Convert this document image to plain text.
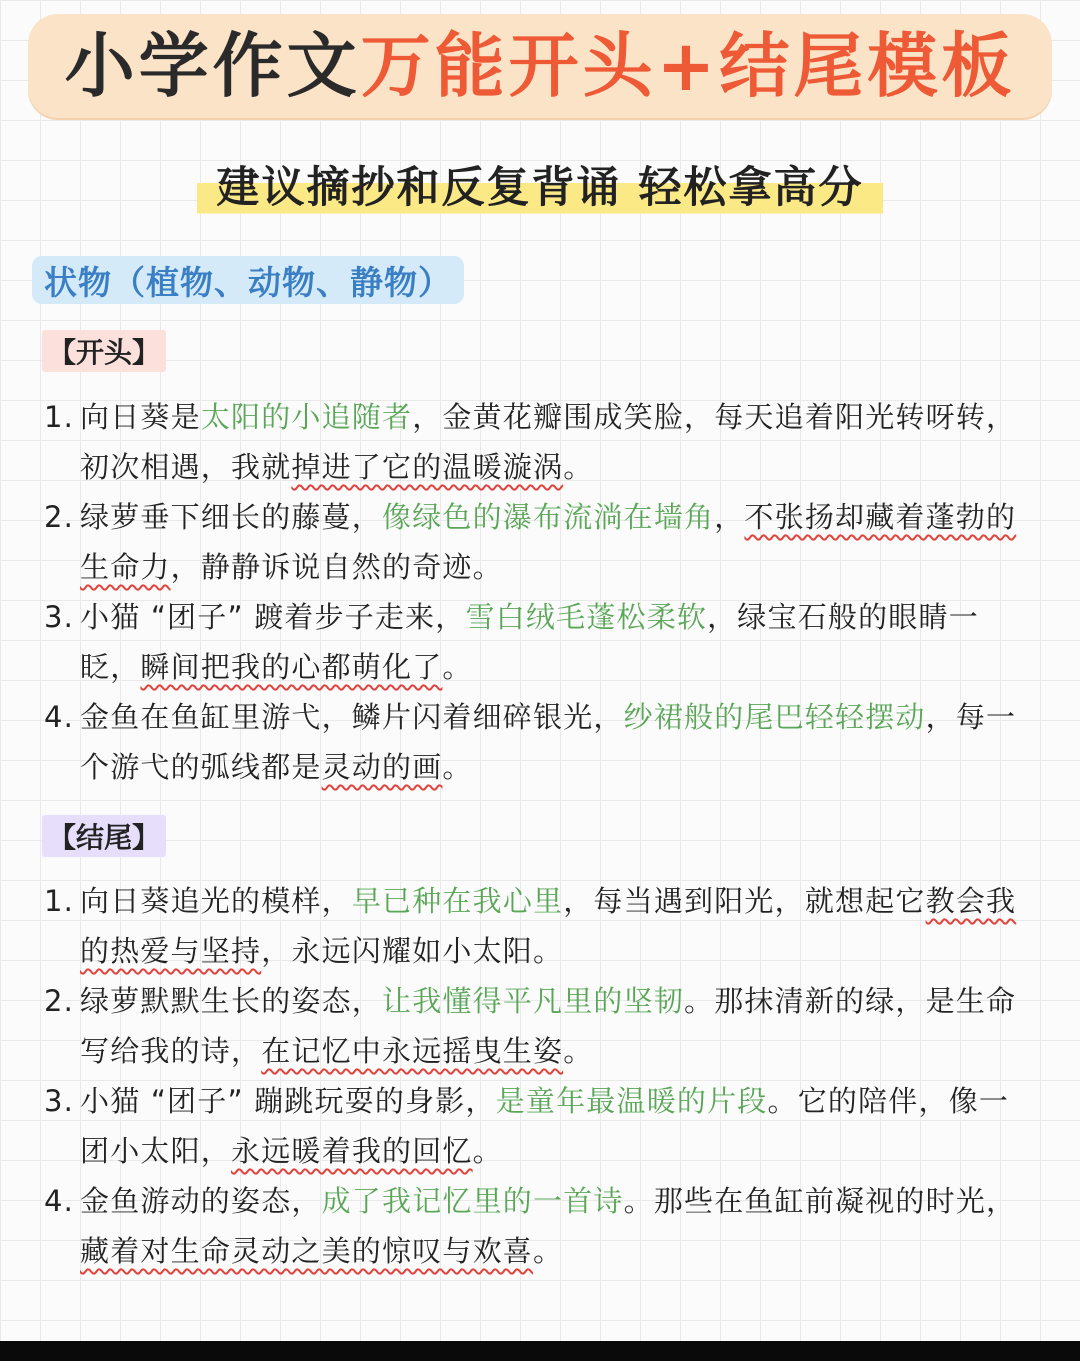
小学作文万能开头+结尾模板
建议摘抄和反复背诵 轻松拿高分
状物（植物、动物、静物）
【开头】
1. 向日葵是太阳的小追随者，金黄花瓣围成笑脸，每天追着阳光转呀转，初次相遇，我就掉进了它的温暖漩涡。
2. 绿萝垂下细长的藤蔓，像绿色的瀑布流淌在墙角，不张扬却藏着蓬勃的生命力，静静诉说自然的奇迹。
3. 小猫 “团子” 踱着步子走来，雪白绒毛蓬松柔软，绿宝石般的眼睛一眨，瞬间把我的心都萌化了。
4. 金鱼在鱼缸里游弋，鳞片闪着细碎银光，纱裙般的尾巴轻轻摆动，每一个游弋的弧线都是灵动的画。
【结尾】
1. 向日葵追光的模样，早已种在我心里，每当遇到阳光，就想起它教会我的热爱与坚持，永远闪耀如小太阳。
2. 绿萝默默生长的姿态，让我懂得平凡里的坚韧。那抹清新的绿，是生命写给我的诗，在记忆中永远摇曳生姿。
3. 小猫 “团子” 蹦跳玩耍的身影，是童年最温暖的片段。它的陪伴，像一团小太阳，永远暖着我的回忆。
4. 金鱼游动的姿态，成了我记忆里的一首诗。那些在鱼缸前凝视的时光，藏着对生命灵动之美的惊叹与欢喜。
